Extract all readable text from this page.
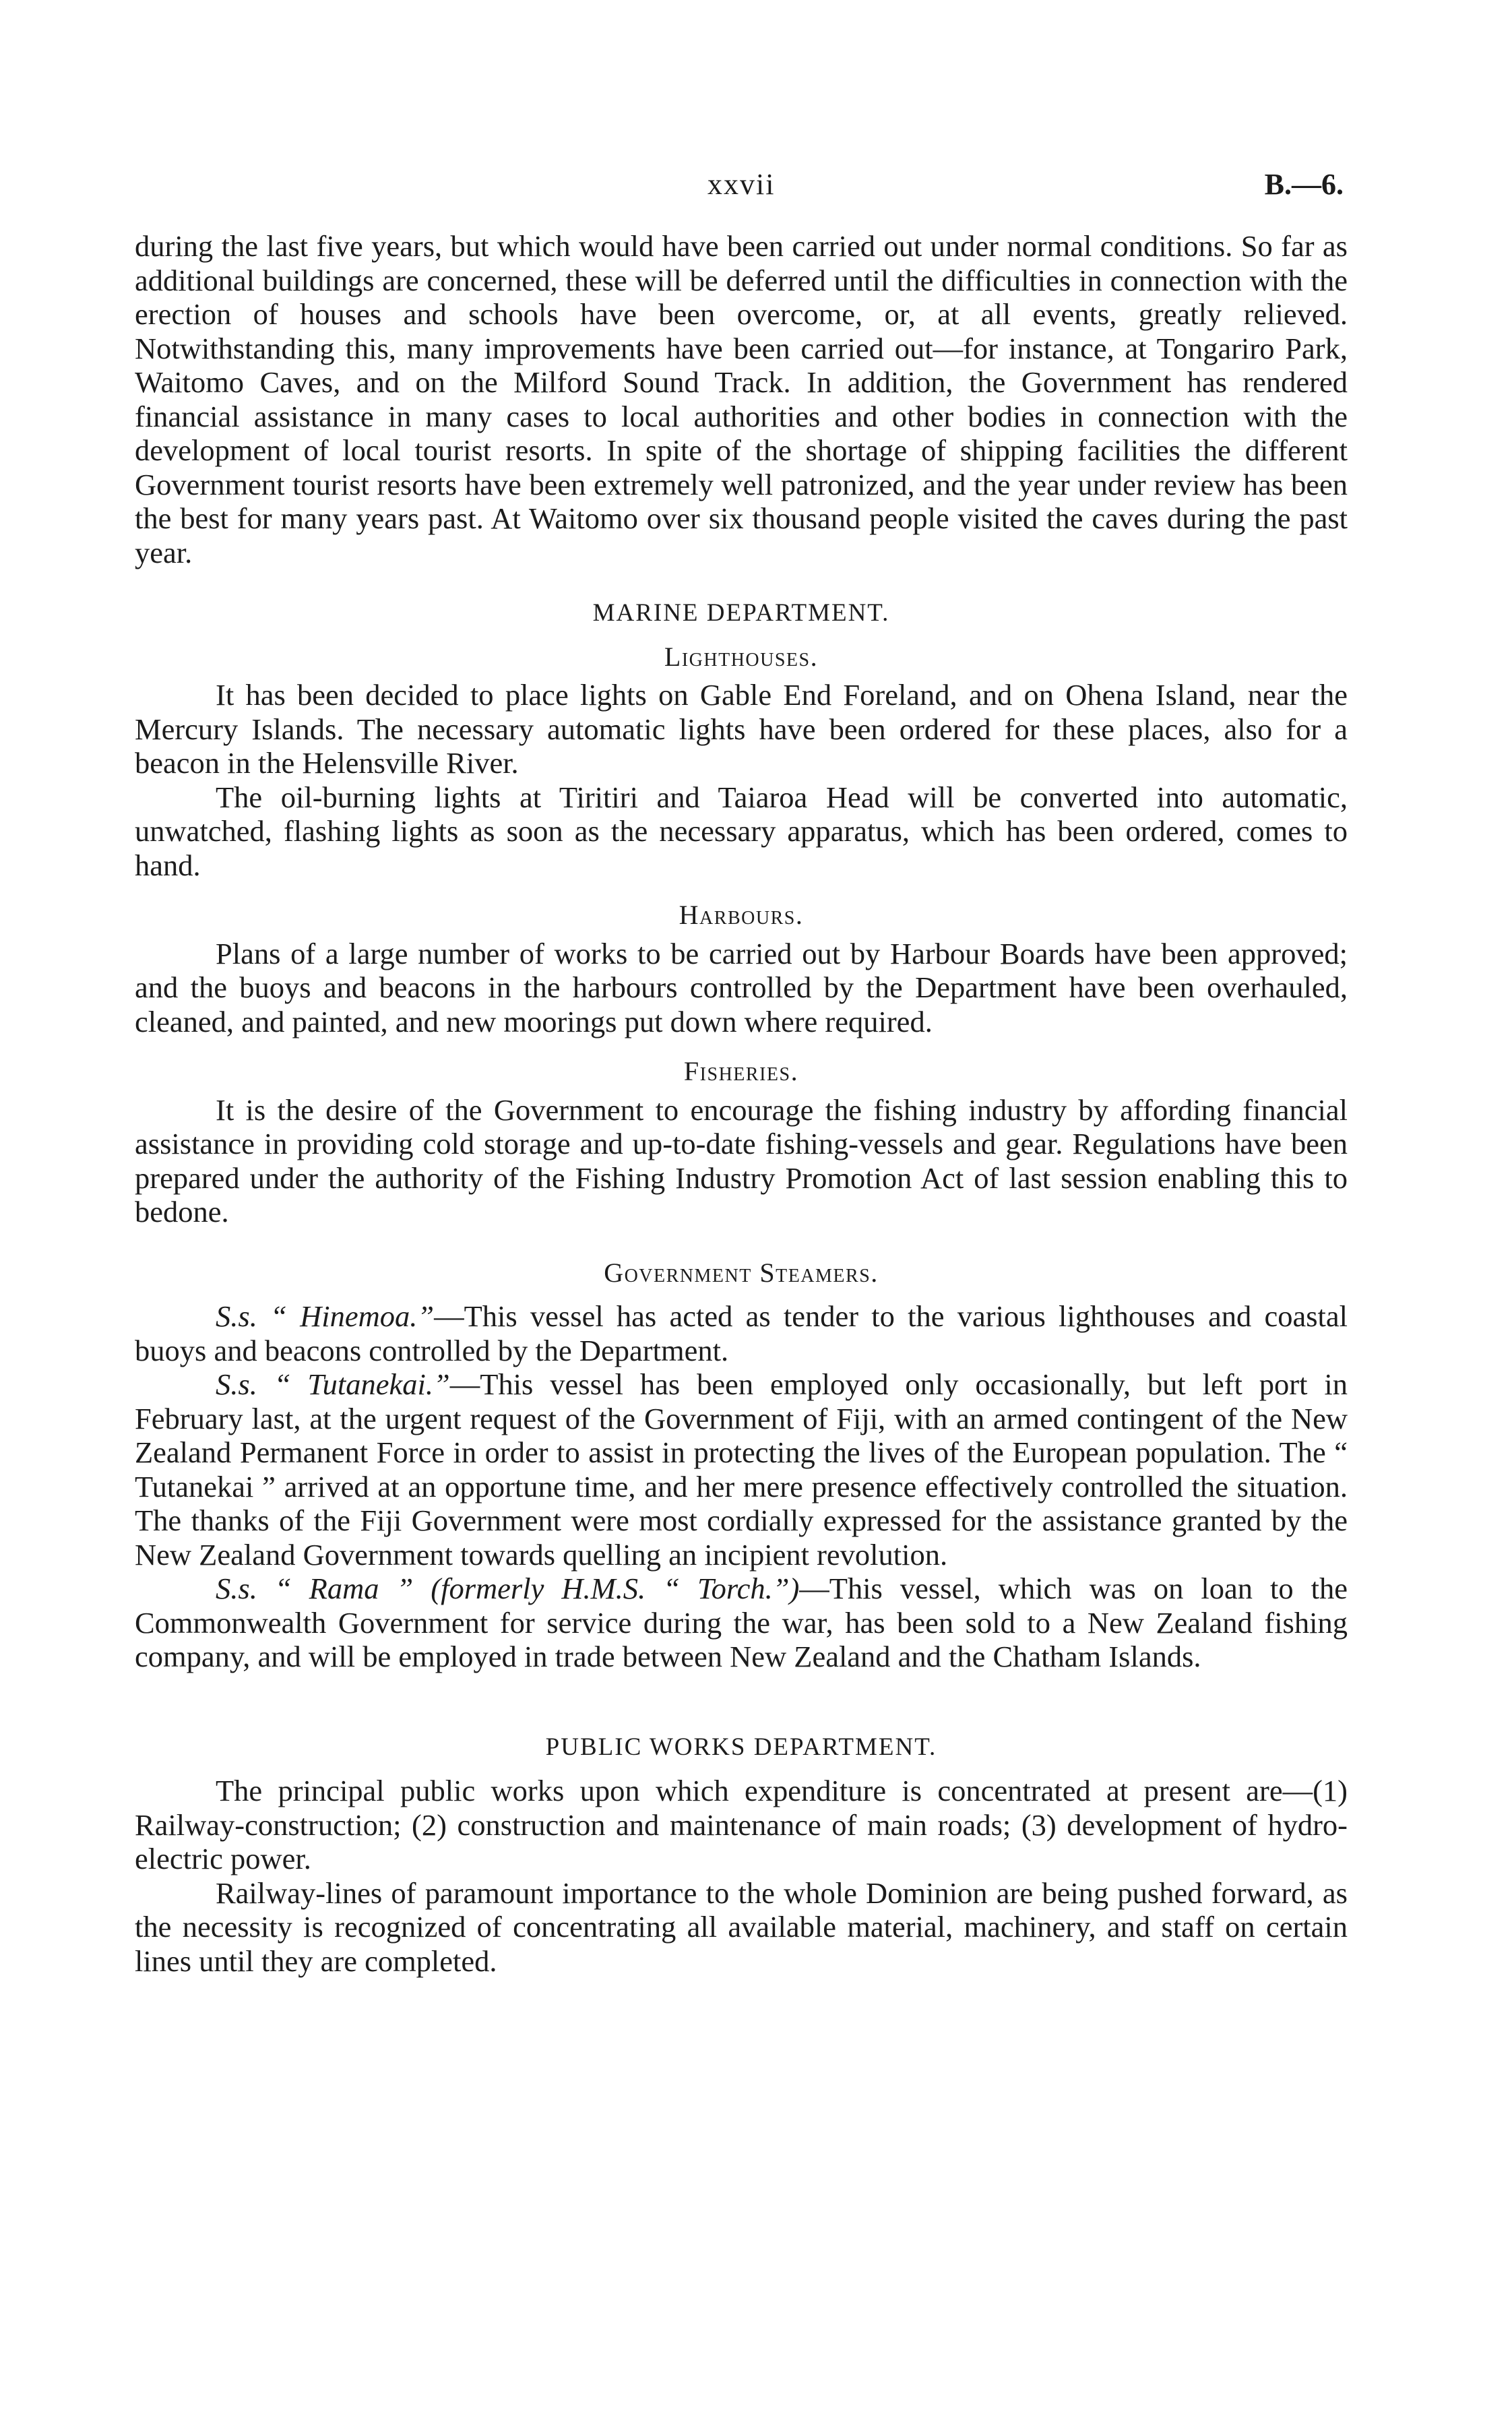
xxvii	B.—6.

during the last five years, but which would have been carried out under normal conditions. So far as additional buildings are concerned, these will be deferred until the difficulties in connection with the erection of houses and schools have been overcome, or, at all events, greatly relieved. Notwithstanding this, many improvements have been carried out—for instance, at Tongariro Park, Waitomo Caves, and on the Milford Sound Track. In addition, the Government has rendered financial assistance in many cases to local authorities and other bodies in connection with the development of local tourist resorts. In spite of the shortage of shipping facilities the different Government tourist resorts have been extremely well patronized, and the year under review has been the best for many years past. At Waitomo over six thousand people visited the caves during the past year.

MARINE DEPARTMENT.

Lighthouses.

It has been decided to place lights on Gable End Foreland, and on Ohena Island, near the Mercury Islands. The necessary automatic lights have been ordered for these places, also for a beacon in the Helensville River.

The oil-burning lights at Tiritiri and Taiaroa Head will be converted into automatic, unwatched, flashing lights as soon as the necessary apparatus, which has been ordered, comes to hand.

Harbours.

Plans of a large number of works to be carried out by Harbour Boards have been approved; and the buoys and beacons in the harbours controlled by the Department have been overhauled, cleaned, and painted, and new moorings put down where required.

Fisheries.

It is the desire of the Government to encourage the fishing industry by affording financial assistance in providing cold storage and up-to-date fishing-vessels and gear. Regulations have been prepared under the authority of the Fishing Industry Promotion Act of last session enabling this to bedone.

Government Steamers.

S.s. “ Hinemoa.”—This vessel has acted as tender to the various lighthouses and coastal buoys and beacons controlled by the Department.

S.s. “ Tutanekai.”—This vessel has been employed only occasionally, but left port in February last, at the urgent request of the Government of Fiji, with an armed contingent of the New Zealand Permanent Force in order to assist in protecting the lives of the European population. The “ Tutanekai ” arrived at an opportune time, and her mere presence effectively controlled the situation. The thanks of the Fiji Government were most cordially expressed for the assistance granted by the New Zealand Government towards quelling an incipient revolution.

S.s. “ Rama ” (formerly H.M.S. “ Torch.”)—This vessel, which was on loan to the Commonwealth Government for service during the war, has been sold to a New Zealand fishing company, and will be employed in trade between New Zealand and the Chatham Islands.

PUBLIC WORKS DEPARTMENT.

The principal public works upon which expenditure is concentrated at present are—(1) Railway-construction; (2) construction and maintenance of main roads; (3) development of hydro-electric power.

Railway-lines of paramount importance to the whole Dominion are being pushed forward, as the necessity is recognized of concentrating all available material, machinery, and staff on certain lines until they are completed.
